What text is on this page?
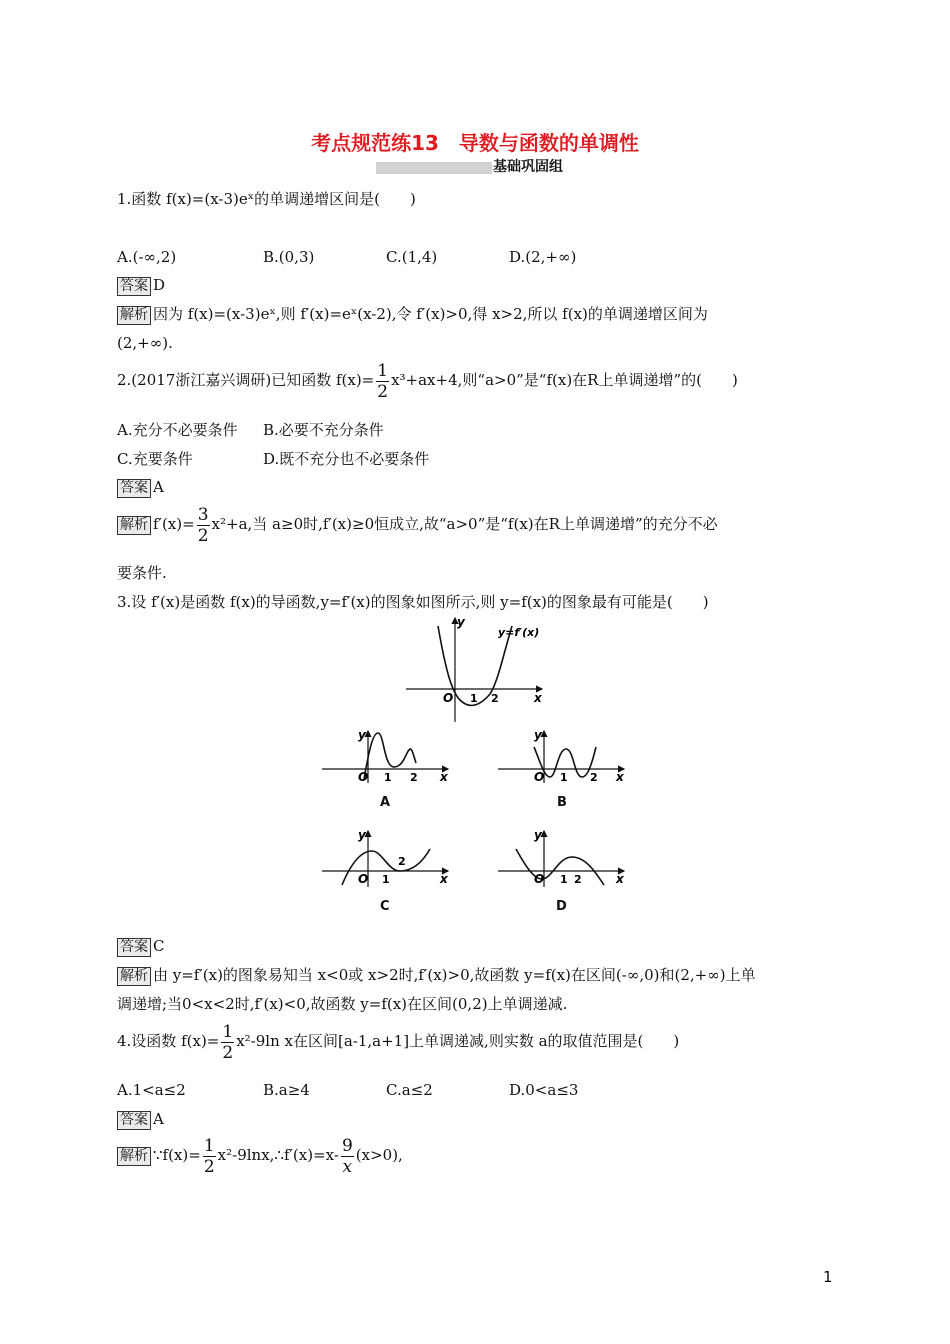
考点规范练13　导数与函数的单调性
基础巩固组
1.函数 f(x)=(x-3)eˣ的单调递增区间是(　　)
A.(-∞,2)	B.(0,3)	C.(1,4)	D.(2,+∞)
答案 D
解析 因为 f(x)=(x-3)eˣ,则 f′(x)=eˣ(x-2),令 f′(x)>0,得 x>2,所以 f(x)的单调递增区间为
(2,+∞).
2.(2017浙江嘉兴调研)已知函数 $f(x)= \frac{1}{2} x^3+ax+4$,则“a>0”是“f(x)在R上单调递增”的(　　)
A.充分不必要条件 B.必要不充分条件
C.充要条件	D.既不充分也不必要条件
答案 A
解析 $f'(x)= \frac{3}{2} x^2+a$,当 a≥0时,f′(x)≥0恒成立,故“a>0”是“f(x)在R上单调递增”的充分不必
要条件.
3.设 f′(x)是函数 f(x)的导函数,y=f′(x)的图象如图所示,则 y=f(x)的图象最有可能是(　　)
y
x
O 1 2
y=f′(x)
y
x
O 1 2
A
y
x
O 1 2
B
y
x
O 1
2
C
y
x
O 1 2
D
答案 C
解析 由 y=f′(x)的图象易知当 x<0或 x>2时,f′(x)>0,故函数 y=f(x)在区间(-∞,0)和(2,+∞)上单
调递增;当0<x<2时,f′(x)<0,故函数 y=f(x)在区间(0,2)上单调递减.
4.设函数 $f(x)= \frac{1}{2} x^2-9\ln$ x在区间[a-1,a+1]上单调递减,则实数 a的取值范围是(　　)
A.1<a≤2	B.a≥4	C.a≤2	D.0<a≤3
答案 A
解析 ∵f(x)= $\frac{1}{2}$ x²-9lnx,∴f′(x)=x- $\frac{9}{x} (x>0)$,
1
